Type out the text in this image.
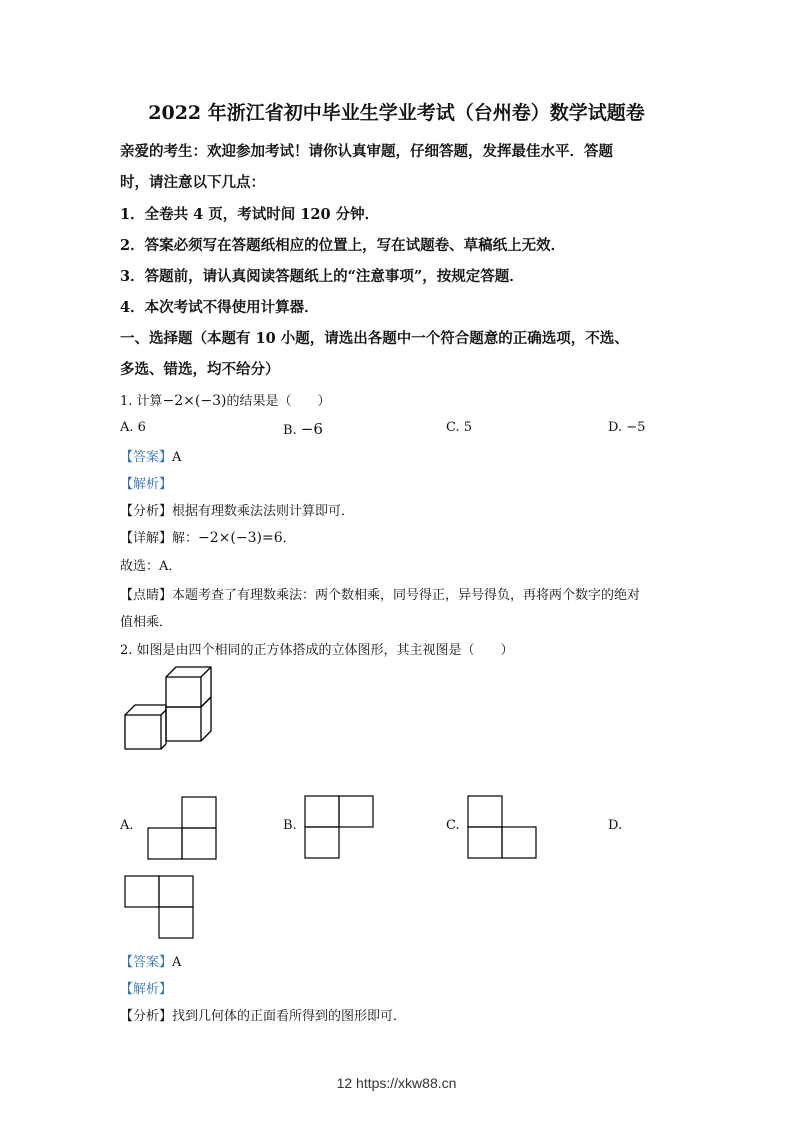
2022 年浙江省初中毕业生学业考试（台州卷）数学试题卷
亲爱的考生：欢迎参加考试！请你认真审题，仔细答题，发挥最佳水平．答题
时，请注意以下几点：
1．全卷共 4 页，考试时间 120 分钟．
2．答案必须写在答题纸相应的位置上，写在试题卷、草稿纸上无效．
3．答题前，请认真阅读答题纸上的“注意事项”，按规定答题．
4．本次考试不得使用计算器．
一、选择题（本题有 10 小题，请选出各题中一个符合题意的正确选项，不选、
多选、错选，均不给分）
1. 计算−2×(−3)的结果是（　　）
A. 6	B. −6	C. 5	D. −5
【答案】A
【解析】
【分析】根据有理数乘法法则计算即可．
【详解】解：−2×(−3)=6．
故选：A．
【点睛】本题考查了有理数乘法：两个数相乘，同号得正，异号得负，再将两个数字的绝对
值相乘．
2. 如图是由四个相同的正方体搭成的立体图形，其主视图是（　　）
A.	B.	C.	D.
【答案】A
【解析】
【分析】找到几何体的正面看所得到的图形即可．
12 https://xkw88.cn
